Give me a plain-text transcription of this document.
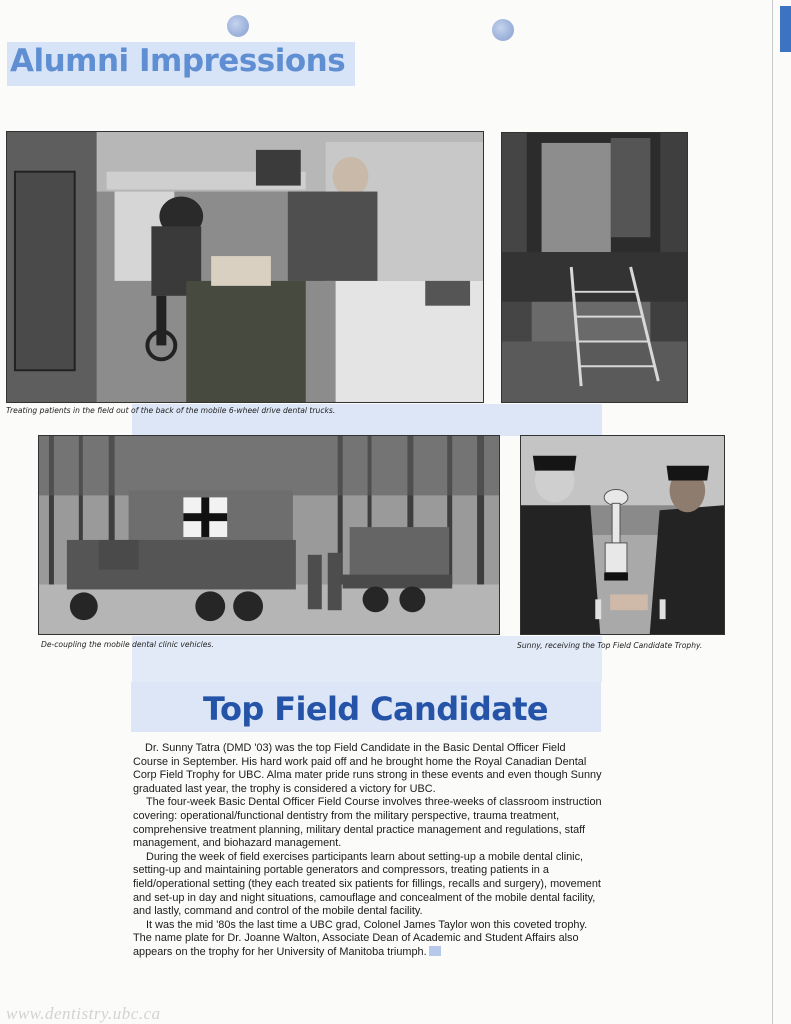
Alumni Impressions
Treating patients in the field out of the back of the mobile 6-wheel drive dental trucks.
De-coupling the mobile dental clinic vehicles.	Sunny, receiving the Top Field Candidate Trophy.
Top Field Candidate

Dr. Sunny Tatra (DMD '03) was the top Field Candidate in the Basic Dental Officer Field Course in September. His hard work paid off and he brought home the Royal Canadian Dental Corp Field Trophy for UBC. Alma mater pride runs strong in these events and even though Sunny graduated last year, the trophy is considered a victory for UBC.

The four-week Basic Dental Officer Field Course involves three-weeks of classroom instruction covering: operational/functional dentistry from the military perspective, trauma treatment, comprehensive treatment planning, military dental practice management and regulations, staff management, and biohazard management.

During the week of field exercises participants learn about setting-up a mobile dental clinic, setting-up and maintaining portable generators and compressors, treating patients in a field/operational setting (they each treated six patients for fillings, recalls and surgery), movement and set-up in day and night situations, camouflage and concealment of the mobile dental facility, and lastly, command and control of the mobile dental facility.

It was the mid '80s the last time a UBC grad, Colonel James Taylor won this coveted trophy. The name plate for Dr. Joanne Walton, Associate Dean of Academic and Student Affairs also appears on the trophy for her University of Manitoba triumph.

www.dentistry.ubc.ca
